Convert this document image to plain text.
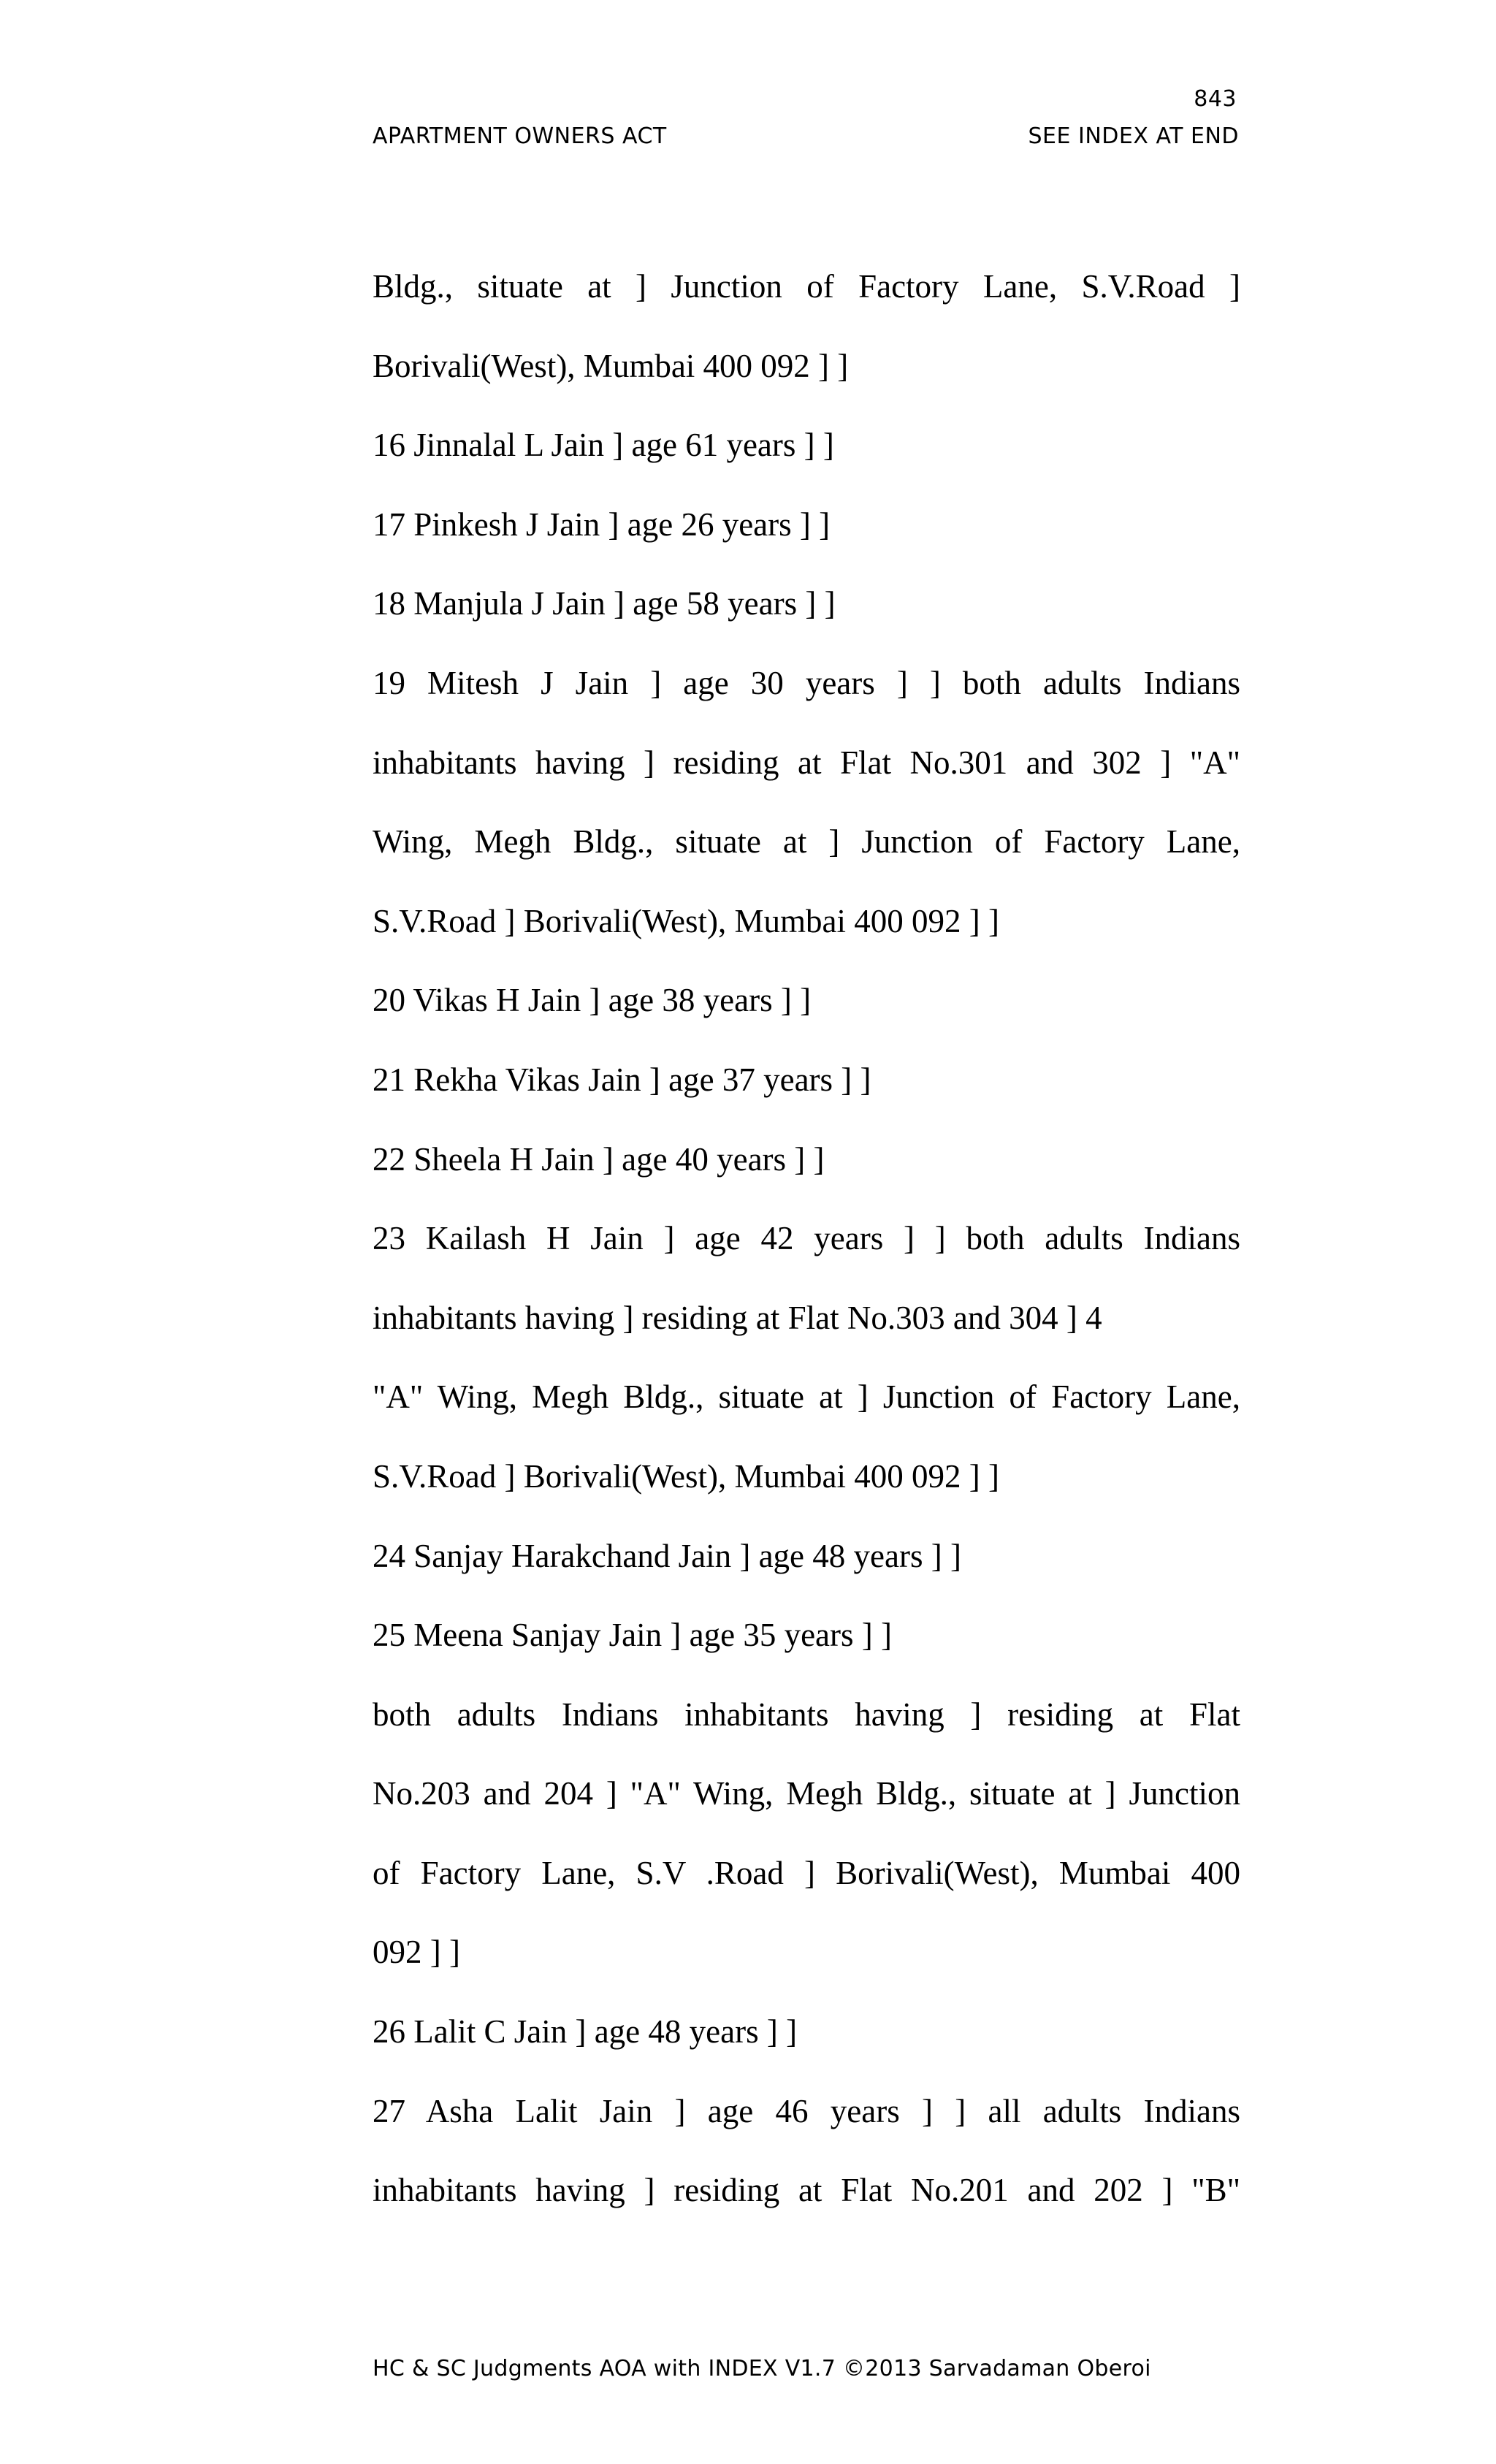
843
APARTMENT OWNERS ACT	SEE INDEX AT END
Bldg., situate at ] Junction of Factory Lane, S.V.Road ]
Borivali(West), Mumbai 400 092 ] ]
16 Jinnalal L Jain ] age 61 years ] ]
17 Pinkesh J Jain ] age 26 years ] ]
18 Manjula J Jain ] age 58 years ] ]
19 Mitesh J Jain ] age 30 years ] ] both adults Indians
inhabitants having ] residing at Flat No.301 and 302 ] "A"
Wing, Megh Bldg., situate at ] Junction of Factory Lane,
S.V.Road ] Borivali(West), Mumbai 400 092 ] ]
20 Vikas H Jain ] age 38 years ] ]
21 Rekha Vikas Jain ] age 37 years ] ]
22 Sheela H Jain ] age 40 years ] ]
23 Kailash H Jain ] age 42 years ] ] both adults Indians
inhabitants having ] residing at Flat No.303 and 304 ] 4
"A" Wing, Megh Bldg., situate at ] Junction of Factory Lane,
S.V.Road ] Borivali(West), Mumbai 400 092 ] ]
24 Sanjay Harakchand Jain ] age 48 years ] ]
25 Meena Sanjay Jain ] age 35 years ] ]
both adults Indians inhabitants having ] residing at Flat
No.203 and 204 ] "A" Wing, Megh Bldg., situate at ] Junction
of Factory Lane, S.V .Road ] Borivali(West), Mumbai 400
092 ] ]
26 Lalit C Jain ] age 48 years ] ]
27 Asha Lalit Jain ] age 46 years ] ] all adults Indians
inhabitants having ] residing at Flat No.201 and 202 ] "B"
HC & SC Judgments AOA with INDEX V1.7 ©2013 Sarvadaman Oberoi
